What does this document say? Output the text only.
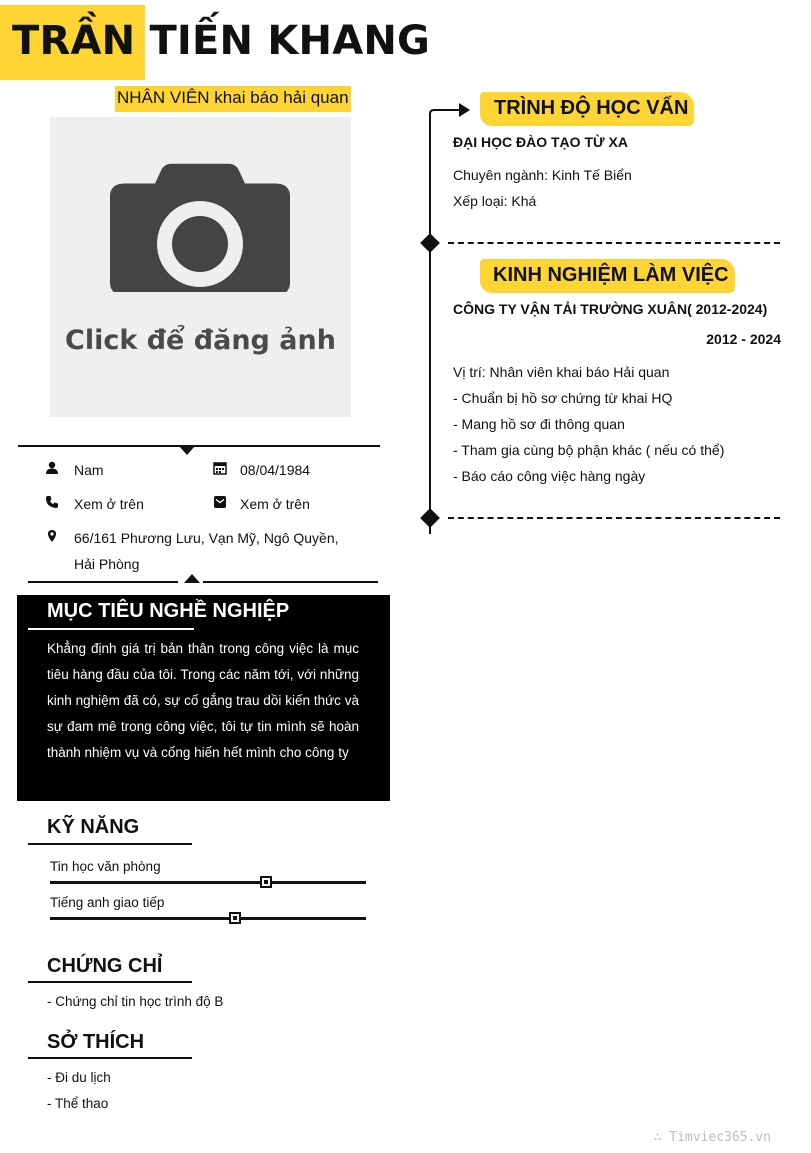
TRẦN TIẾN KHANG
NHÂN VIÊN khai báo hải quan
Click để đăng ảnh
Nam	08/04/1984
Xem ở trên	Xem ở trên
66/161 Phương Lưu, Vạn Mỹ, Ngô Quyền,
Hải Phòng
MỤC TIÊU NGHỀ NGHIỆP
Khẳng định giá trị bản thân trong công việc là mục tiêu hàng đầu của tôi. Trong các năm tới, với những kinh nghiệm đã có, sự cố gắng trau dồi kiến thức và sự đam mê trong công việc, tôi tự tin mình sẽ hoàn thành nhiệm vụ và cống hiến hết mình cho công ty
KỸ NĂNG
Tin học văn phòng
Tiếng anh giao tiếp
CHỨNG CHỈ
- Chứng chỉ tin học trình độ B
SỞ THÍCH
- Đi du lịch
- Thể thao
TRÌNH ĐỘ HỌC VẤN
ĐẠI HỌC ĐÀO TẠO TỪ XA
Chuyên ngành: Kinh Tế Biển
Xếp loại: Khá
KINH NGHIỆM LÀM VIỆC
CÔNG TY VẬN TẢI TRƯỜNG XUÂN( 2012-2024)
2012 - 2024
Vị trí: Nhân viên khai báo Hải quan
- Chuẩn bị hồ sơ chứng từ khai HQ
- Mang hồ sơ đi thông quan
- Tham gia cùng bộ phận khác ( nếu có thể)
- Báo cáo công việc hàng ngày
∴ Timviec365.vn
